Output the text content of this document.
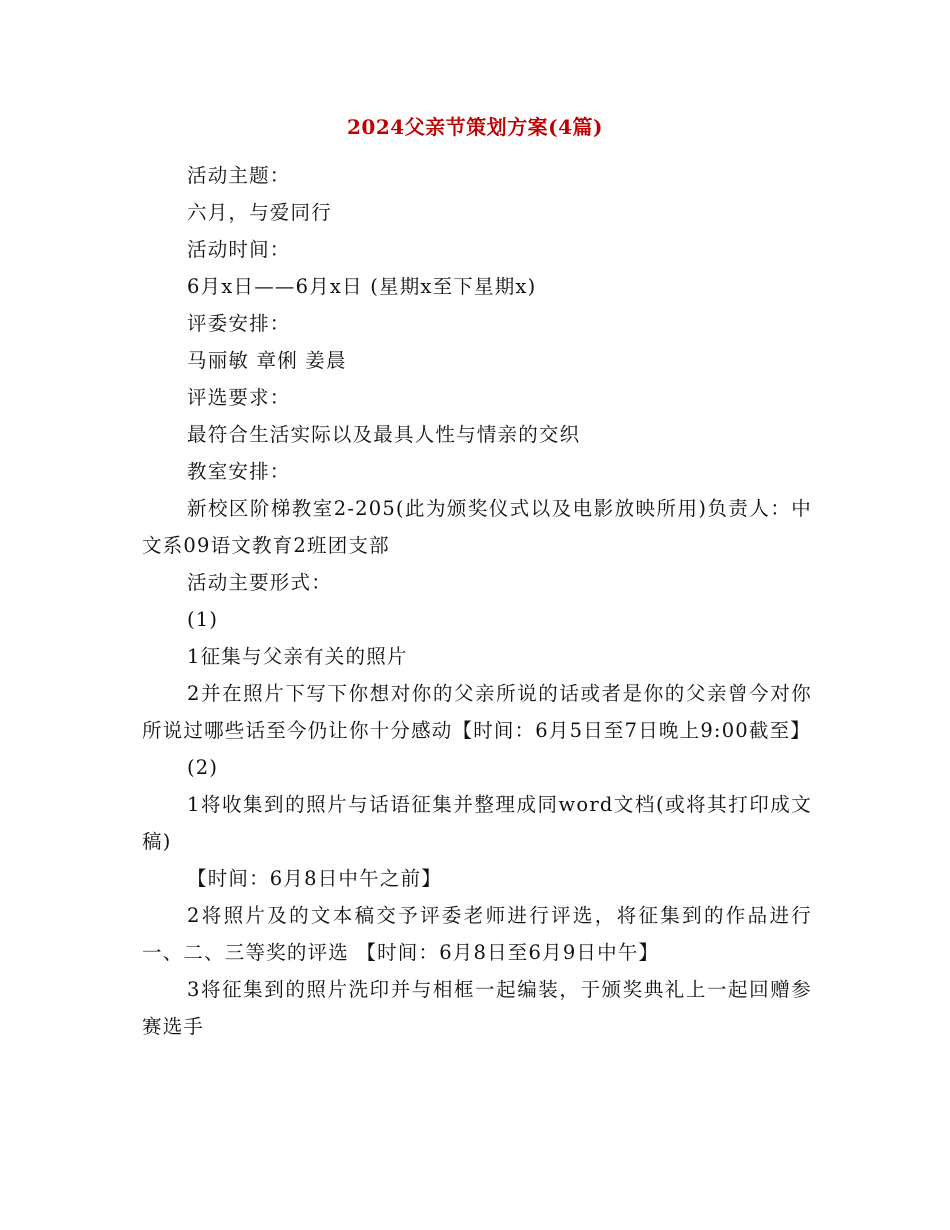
2024父亲节策划方案(4篇)

活动主题：

六月，与爱同行

活动时间：

6月x日——6月x日 (星期x至下星期x)

评委安排：

马丽敏 章俐 姜晨

评选要求：

最符合生活实际以及最具人性与情亲的交织

教室安排：

新校区阶梯教室2-205(此为颁奖仪式以及电影放映所用)负责人：中文系09语文教育2班团支部

活动主要形式：

(1)

1征集与父亲有关的照片

2并在照片下写下你想对你的父亲所说的话或者是你的父亲曾今对你所说过哪些话至今仍让你十分感动【时间：6月5日至7日晚上9:00截至】

(2)

1将收集到的照片与话语征集并整理成同word文档(或将其打印成文稿)

【时间：6月8日中午之前】

2将照片及的文本稿交予评委老师进行评选，将征集到的作品进行一、二、三等奖的评选 【时间：6月8日至6月9日中午】

3将征集到的照片洗印并与相框一起编装，于颁奖典礼上一起回赠参赛选手
